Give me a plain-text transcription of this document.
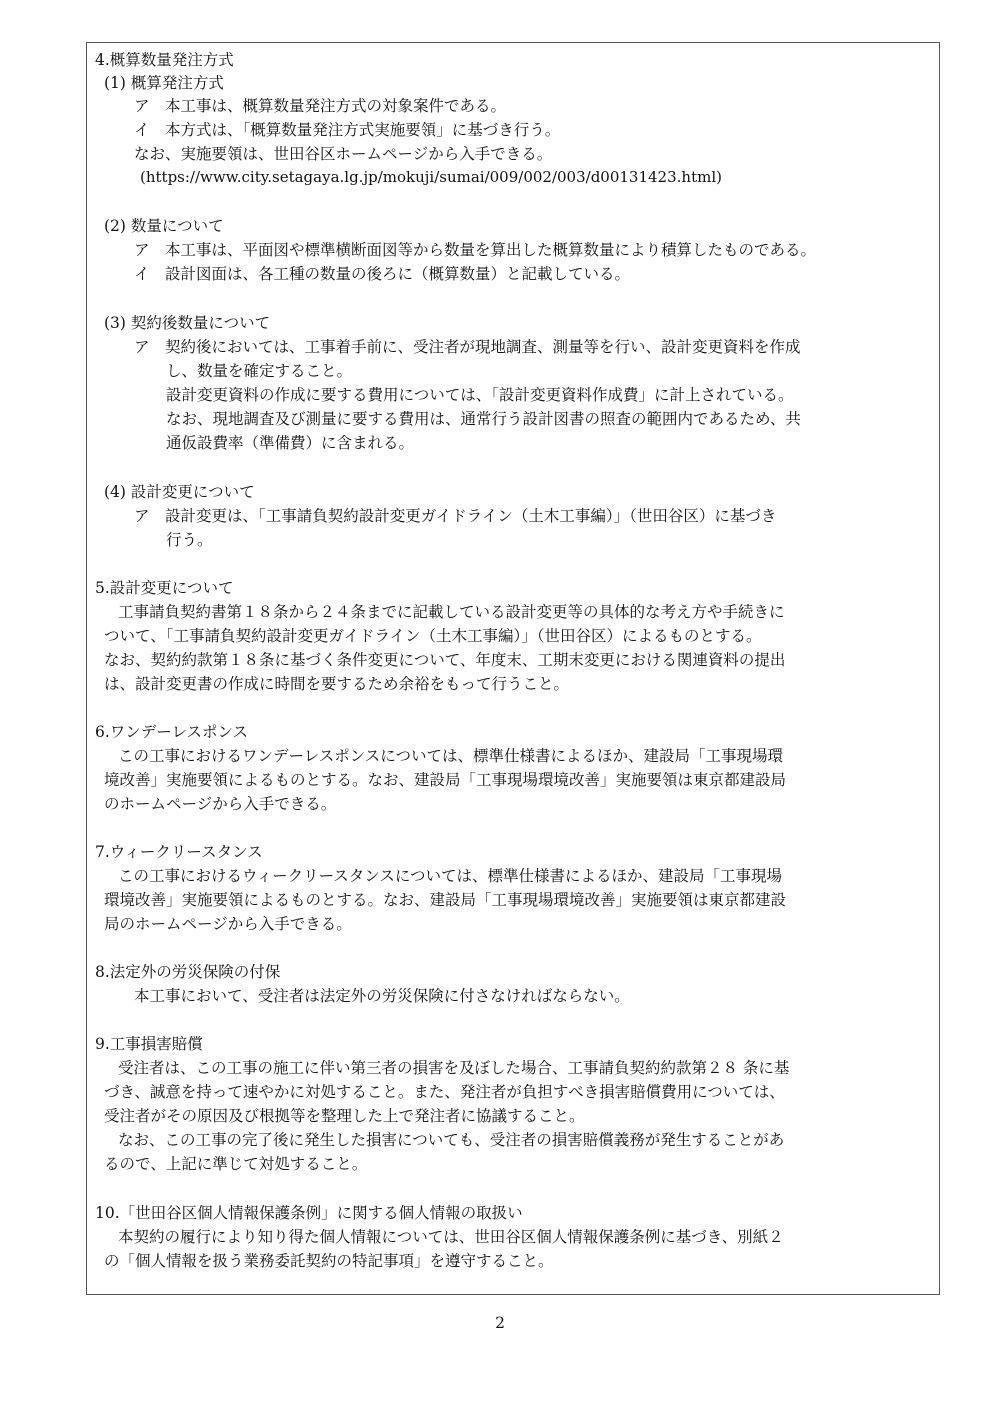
4.概算数量発注方式

(1) 概算発注方式

ア　本工事は、概算数量発注方式の対象案件である。

イ　本方式は、「概算数量発注方式実施要領」に基づき行う。

なお、実施要領は、世田谷区ホームページから入手できる。

(https://www.city.setagaya.lg.jp/mokuji/sumai/009/002/003/d00131423.html)

(2) 数量について

ア　本工事は、平面図や標準横断面図等から数量を算出した概算数量により積算したものである。

イ　設計図面は、各工種の数量の後ろに（概算数量）と記載している。

(3) 契約後数量について

ア　契約後においては、工事着手前に、受注者が現地調査、測量等を行い、設計変更資料を作成

し、数量を確定すること。

設計変更資料の作成に要する費用については、「設計変更資料作成費」に計上されている。

なお、現地調査及び測量に要する費用は、通常行う設計図書の照査の範囲内であるため、共

通仮設費率（準備費）に含まれる。

(4) 設計変更について

ア　設計変更は、「工事請負契約設計変更ガイドライン（土木工事編）」（世田谷区）に基づき

行う。

5.設計変更について

工事請負契約書第１８条から２４条までに記載している設計変更等の具体的な考え方や手続きに

ついて、「工事請負契約設計変更ガイドライン（土木工事編）」（世田谷区）によるものとする。

なお、契約約款第１８条に基づく条件変更について、年度末、工期末変更における関連資料の提出

は、設計変更書の作成に時間を要するため余裕をもって行うこと。

6.ワンデーレスポンス

この工事におけるワンデーレスポンスについては、標準仕様書によるほか、建設局「工事現場環

境改善」実施要領によるものとする。なお、建設局「工事現場環境改善」実施要領は東京都建設局

のホームページから入手できる。

7.ウィークリースタンス

この工事におけるウィークリースタンスについては、標準仕様書によるほか、建設局「工事現場

環境改善」実施要領によるものとする。なお、建設局「工事現場環境改善」実施要領は東京都建設

局のホームページから入手できる。

8.法定外の労災保険の付保

本工事において、受注者は法定外の労災保険に付さなければならない。

9.工事損害賠償

受注者は、この工事の施工に伴い第三者の損害を及ぼした場合、工事請負契約約款第２８ 条に基

づき、誠意を持って速やかに対処すること。また、発注者が負担すべき損害賠償費用については、

受注者がその原因及び根拠等を整理した上で発注者に協議すること。

なお、この工事の完了後に発生した損害についても、受注者の損害賠償義務が発生することがあ

るので、上記に準じて対処すること。

10.「世田谷区個人情報保護条例」に関する個人情報の取扱い

本契約の履行により知り得た個人情報については、世田谷区個人情報保護条例に基づき、別紙２

の「個人情報を扱う業務委託契約の特記事項」を遵守すること。

2
